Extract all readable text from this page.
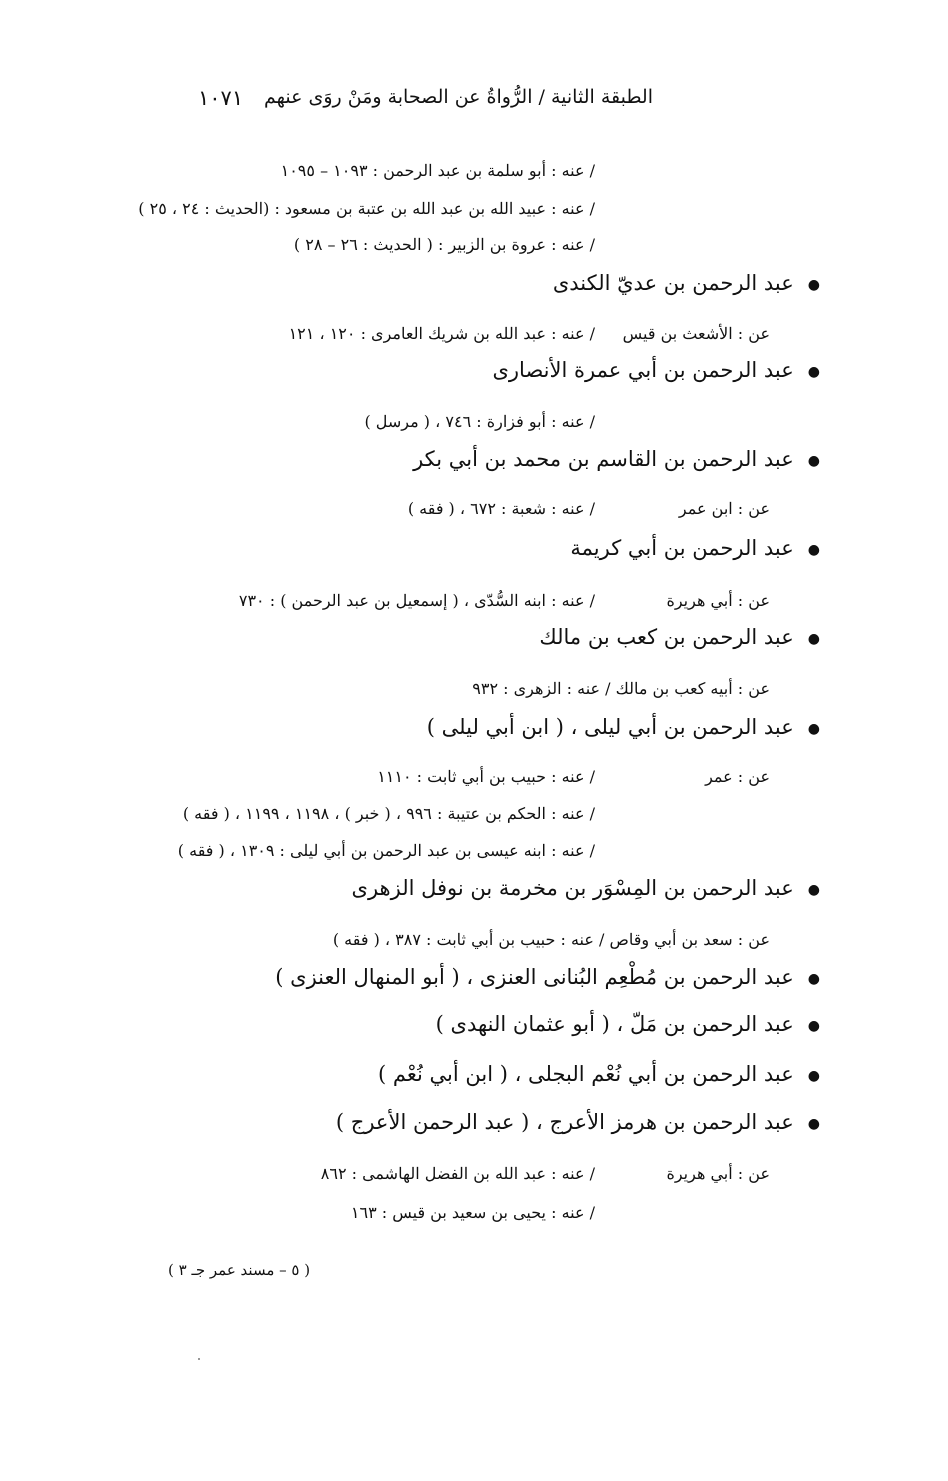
الطبقة الثانية / الرُّواةُ عن الصحابة ومَنْ روَى عنهم
١٠٧١
/ عنه : أبو سلمة بن عبد الرحمن : ١٠٩٣ – ١٠٩٥
/ عنه : عبيد الله بن عبد الله بن عتبة بن مسعود : (الحديث : ٢٤ ، ٢٥ )
/ عنه : عروة بن الزبير : ( الحديث : ٢٦ – ٢٨ )
●عبد الرحمن بن عديّ الكندى
عن : الأشعث بن قيس
/ عنه : عبد الله بن شريك العامرى : ١٢٠ ، ١٢١
●عبد الرحمن بن أبي عمرة الأنصارى
/ عنه : أبو فزارة : ٧٤٦ ، ( مرسل )
●عبد الرحمن بن القاسم بن محمد بن أبي بكر
عن : ابن عمر
/ عنه : شعبة : ٦٧٢ ، ( فقه )
●عبد الرحمن بن أبي كريمة
عن : أبي هريرة
/ عنه : ابنه السُّدّى ، ( إسمعيل بن عبد الرحمن ) : ٧٣٠
●عبد الرحمن بن كعب بن مالك
عن : أبيه كعب بن مالك / عنه : الزهرى : ٩٣٢
●عبد الرحمن بن أبي ليلى ، ( ابن أبي ليلى )
عن : عمر
/ عنه : حبيب بن أبي ثابت : ١١١٠
/ عنه : الحكم بن عتيبة : ٩٩٦ ، ( خبر ) ، ١١٩٨ ، ١١٩٩ ، ( فقه )
/ عنه : ابنه عيسى بن عبد الرحمن بن أبي ليلى : ١٣٠٩ ، ( فقه )
●عبد الرحمن بن المِسْوَر بن مخرمة بن نوفل الزهرى
عن : سعد بن أبي وقاص / عنه : حبيب بن أبي ثابت : ٣٨٧ ، ( فقه )
●عبد الرحمن بن مُطْعِم البُنانى العنزى ، ( أبو المنهال العنزى )
●عبد الرحمن بن مَلّ ، ( أبو عثمان النهدى )
●عبد الرحمن بن أبي نُعْم البجلى ، ( ابن أبي نُعْم )
●عبد الرحمن بن هرمز الأعرج ، ( عبد الرحمن الأعرج )
عن : أبي هريرة
/ عنه : عبد الله بن الفضل الهاشمى : ٨٦٢
/ عنه : يحيى بن سعيد بن قيس : ١٦٣
( ٥ – مسند عمر جـ ٣ )
